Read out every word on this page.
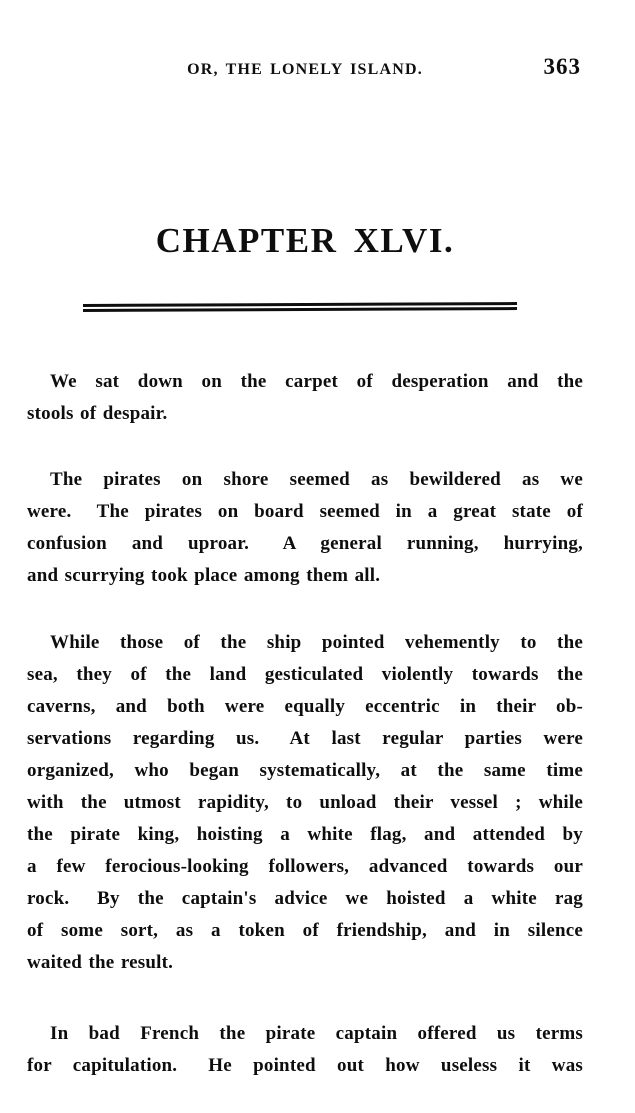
OR, THE LONELY ISLAND.	363
CHAPTER XLVI.
We sat down on the carpet of desperation and the
stools of despair.
The pirates on shore seemed as bewildered as we
were.  The pirates on board seemed in a great state of
confusion and uproar.  A general running, hurrying,
and scurrying took place among them all.
While those of the ship pointed vehemently to the
sea, they of the land gesticulated violently towards the
caverns, and both were equally eccentric in their ob-
servations regarding us.  At last regular parties were
organized, who began systematically, at the same time
with the utmost rapidity, to unload their vessel ; while
the pirate king, hoisting a white flag, and attended by
a few ferocious-looking followers, advanced towards our
rock.  By the captain's advice we hoisted a white rag
of some sort, as a token of friendship, and in silence
waited the result.
In bad French the pirate captain offered us terms
for capitulation.  He pointed out how useless it was
